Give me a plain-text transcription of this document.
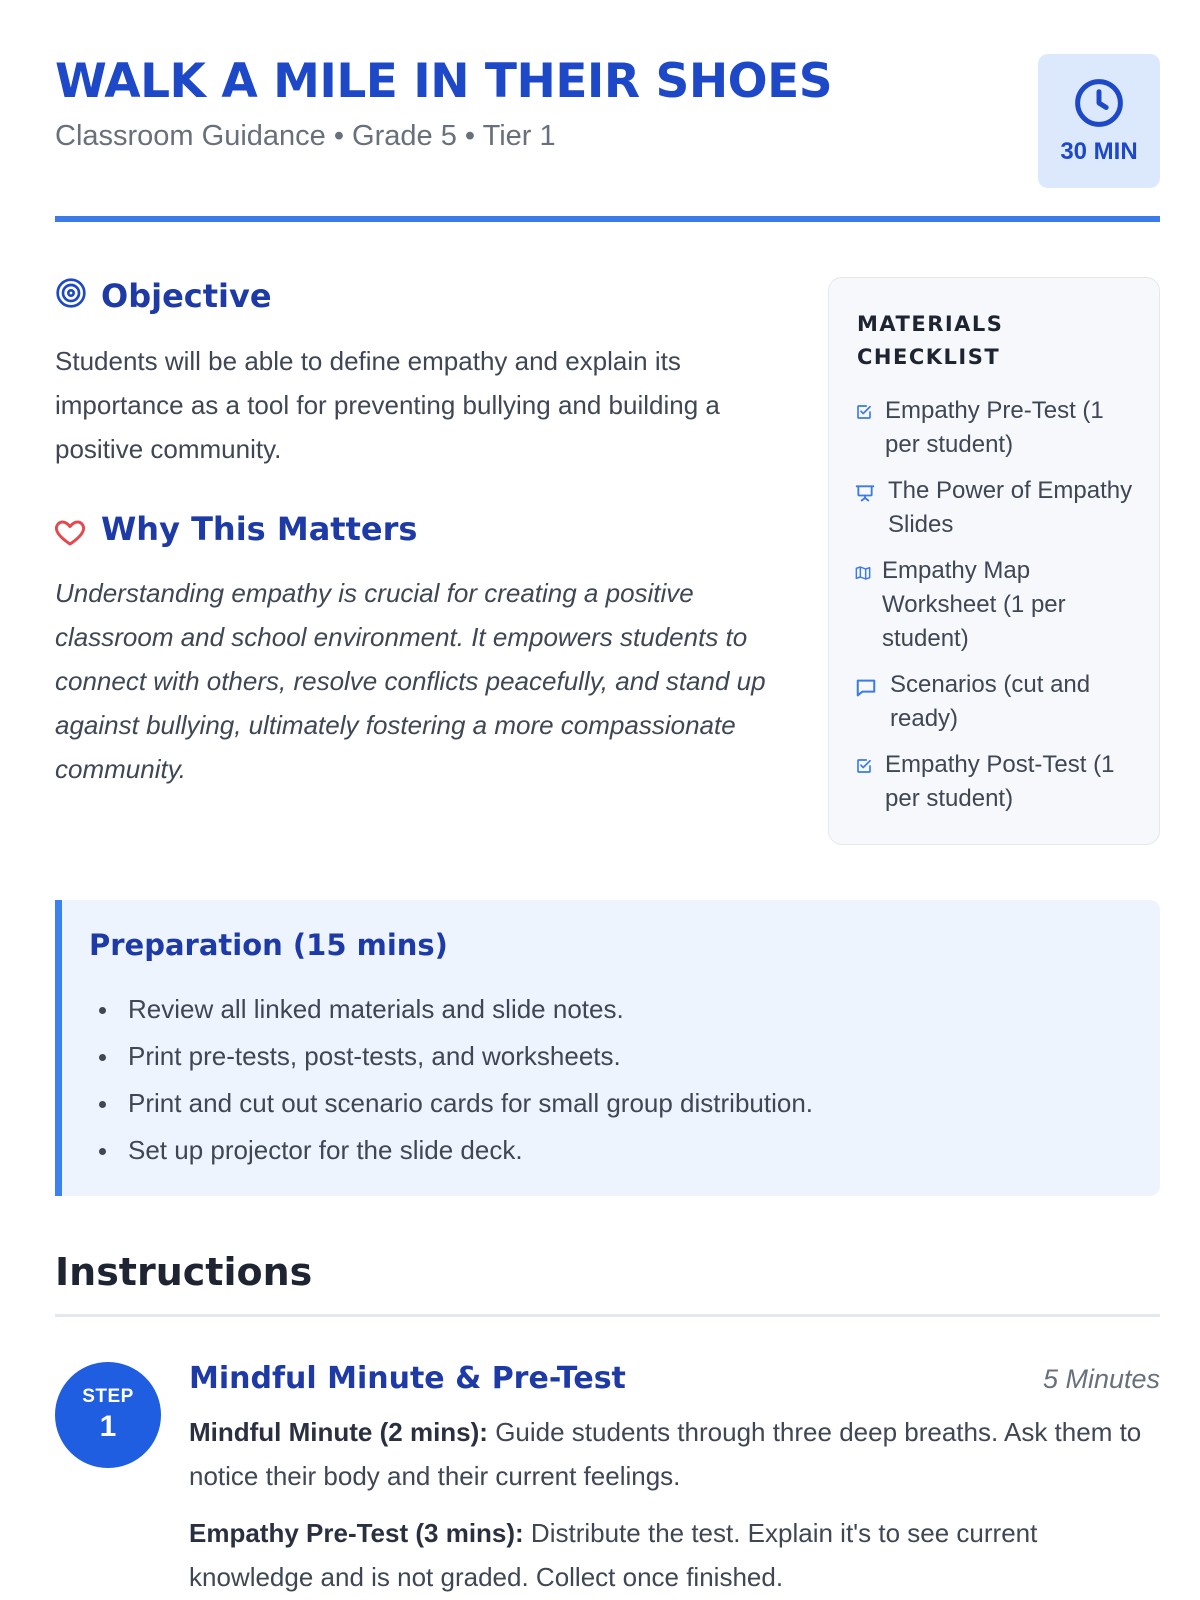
WALK A MILE IN THEIR SHOES
Classroom Guidance • Grade 5 • Tier 1	30 MIN
Objective

Students will be able to define empathy and explain its importance as a tool for preventing bullying and building a positive community.

Why This Matters

Understanding empathy is crucial for creating a positive classroom and school environment. It empowers students to connect with others, resolve conflicts peacefully, and stand up against bullying, ultimately fostering a more compassionate community.

MATERIALS CHECKLIST
Empathy Pre-Test (1 per student)
The Power of Empathy Slides
Empathy Map Worksheet (1 per student)
Scenarios (cut and ready)
Empathy Post-Test (1 per student)
Preparation (15 mins)
Review all linked materials and slide notes.
Print pre-tests, post-tests, and worksheets.
Print and cut out scenario cards for small group distribution.
Set up projector for the slide deck.
Instructions
STEP
1
Mindful Minute & Pre-Test	5 Minutes

Mindful Minute (2 mins): Guide students through three deep breaths. Ask them to notice their body and their current feelings.

Empathy Pre-Test (3 mins): Distribute the test. Explain it's to see current knowledge and is not graded. Collect once finished.
